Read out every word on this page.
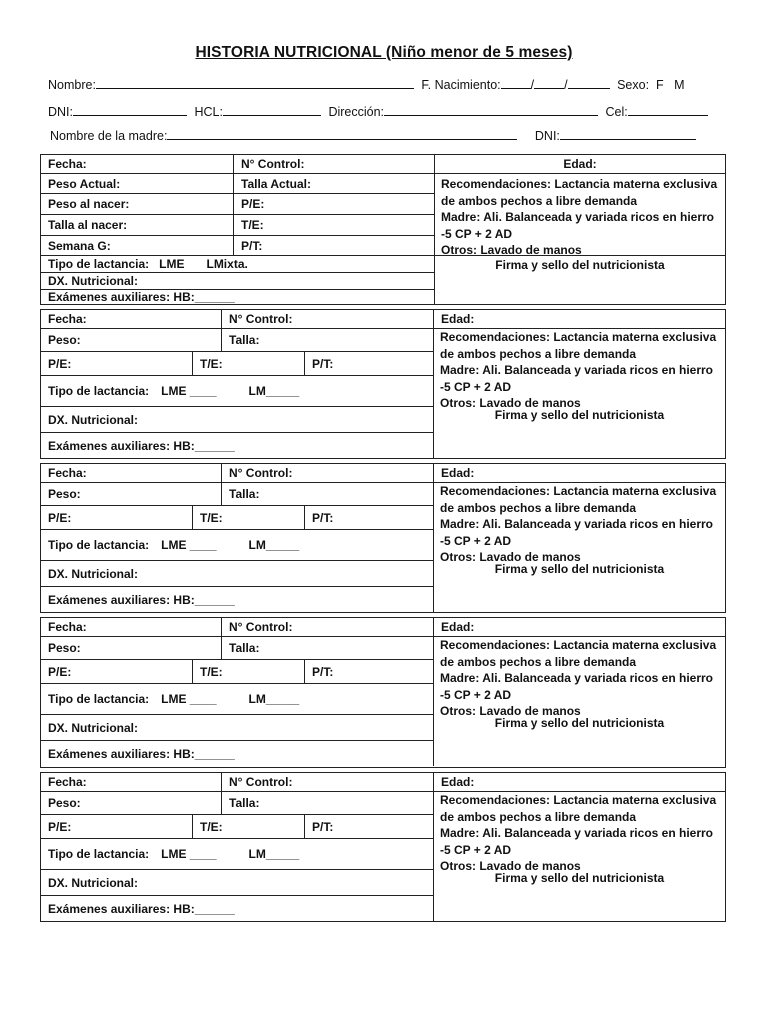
HISTORIA NUTRICIONAL (Niño menor de 5 meses)
Nombre:	F. Nacimiento: / /	Sexo: F M
DNI:	HCL:	Dirección:	Cel:
Nombre de la madre:	DNI:
Fecha:	N° Control:	Edad:
Peso Actual:	Talla Actual:
Peso al nacer:	P/E:
Talla al nacer:	T/E:
Semana G:	P/T:
Tipo de lactancia: LME LMixta.
DX. Nutricional:
Exámenes auxiliares: HB:______
Recomendaciones: Lactancia materna exclusiva
de ambos pechos a libre demanda
Madre: Ali. Balanceada y variada ricos en hierro
-5 CP + 2 AD
Otros: Lavado de manos
Firma y sello del nutricionista
Fecha:	N° Control:	Edad:
Peso:	Talla:
P/E:	T/E:	P/T:
Tipo de lactancia: LME ____	LM_____
DX. Nutricional:
Exámenes auxiliares: HB:______
Recomendaciones: Lactancia materna exclusiva
de ambos pechos a libre demanda
Madre: Ali. Balanceada y variada ricos en hierro
-5 CP + 2 AD
Otros: Lavado de manos
Firma y sello del nutricionista
Fecha:	N° Control:	Edad:
Peso:	Talla:
P/E:	T/E:	P/T:
Tipo de lactancia: LME ____	LM_____
DX. Nutricional:
Exámenes auxiliares: HB:______
Recomendaciones: Lactancia materna exclusiva
de ambos pechos a libre demanda
Madre: Ali. Balanceada y variada ricos en hierro
-5 CP + 2 AD
Otros: Lavado de manos
Firma y sello del nutricionista
Fecha:	N° Control:	Edad:
Peso:	Talla:
P/E:	T/E:	P/T:
Tipo de lactancia: LME ____	LM_____
DX. Nutricional:
Exámenes auxiliares: HB:______
Recomendaciones: Lactancia materna exclusiva
de ambos pechos a libre demanda
Madre: Ali. Balanceada y variada ricos en hierro
-5 CP + 2 AD
Otros: Lavado de manos
Firma y sello del nutricionista
Fecha:	N° Control:	Edad:
Peso:	Talla:
P/E:	T/E:	P/T:
Tipo de lactancia: LME ____	LM_____
DX. Nutricional:
Exámenes auxiliares: HB:______
Recomendaciones: Lactancia materna exclusiva
de ambos pechos a libre demanda
Madre: Ali. Balanceada y variada ricos en hierro
-5 CP + 2 AD
Otros: Lavado de manos
Firma y sello del nutricionista
